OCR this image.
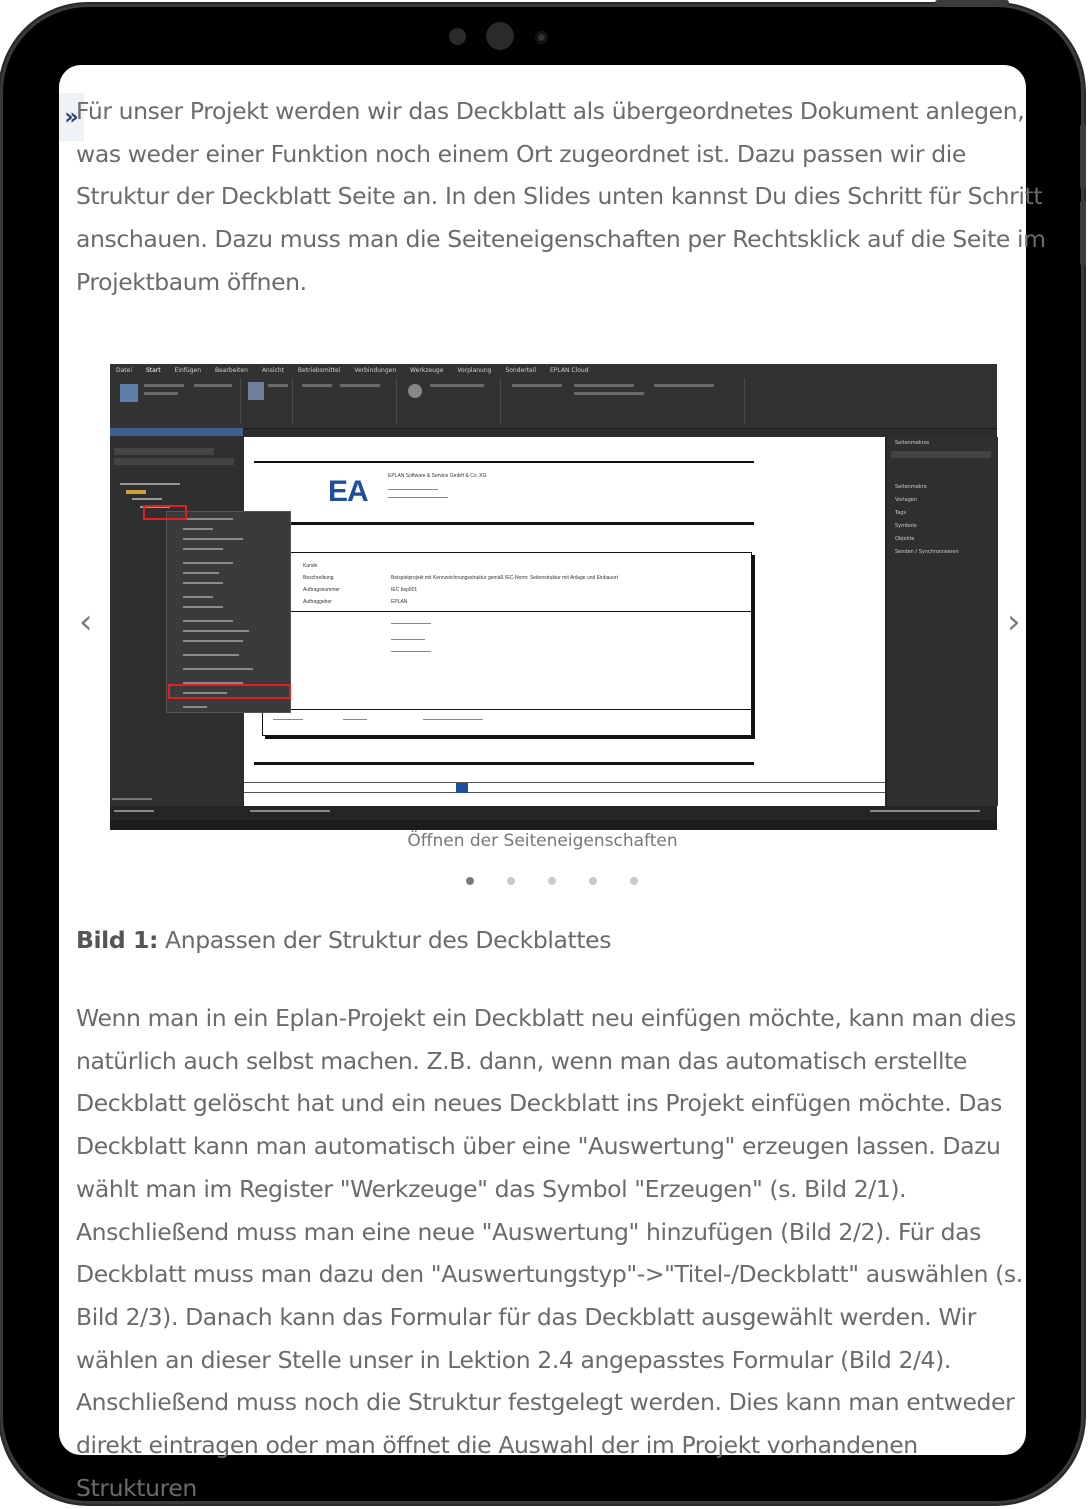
»
Für unser Projekt werden wir das Deckblatt als übergeordnetes Dokument anlegen, was weder einer Funktion noch einem Ort zugeordnet ist. Dazu passen wir die Struktur der Deckblatt Seite an. In den Slides unten kannst Du dies Schritt für Schritt anschauen. Dazu muss man die Seiteneigenschaften per Rechtsklick auf die Seite im Projektbaum öffnen.
‹	›
Datei Start Einfügen Bearbeiten Ansicht Betriebsmittel Verbindungen Werkzeuge Vorplanung Sonderteil EPLAN Cloud
EA	EPLAN Software & Service GmbH & Co. KG
Kunde
Beschreibung
Auftragsnummer
Auftraggeber
Beispielprojekt mit Kennzeichnungsstruktur gemäß IEC-Norm: Seitenstruktur mit Anlage und Einbauort
IEC bsp001
EPLAN
Seitenmakros
Seitenmakro
Vorlagen
Tags
Symbole
Objekte
Senden / Synchronisieren
Öffnen der Seiteneigenschaften
Bild 1: Anpassen der Struktur des Deckblattes
Wenn man in ein Eplan-Projekt ein Deckblatt neu einfügen möchte, kann man dies natürlich auch selbst machen. Z.B. dann, wenn man das automatisch erstellte Deckblatt gelöscht hat und ein neues Deckblatt ins Projekt einfügen möchte. Das Deckblatt kann man automatisch über eine "Auswertung" erzeugen lassen. Dazu wählt man im Register "Werkzeuge" das Symbol "Erzeugen" (s. Bild 2/1). Anschließend muss man eine neue "Auswertung" hinzufügen (Bild 2/2). Für das Deckblatt muss man dazu den "Auswertungstyp"->"Titel-/Deckblatt" auswählen (s. Bild 2/3). Danach kann das Formular für das Deckblatt ausgewählt werden. Wir wählen an dieser Stelle unser in Lektion 2.4 angepasstes Formular (Bild 2/4). Anschließend muss noch die Struktur festgelegt werden. Dies kann man entweder direkt eintragen oder man öffnet die Auswahl der im Projekt vorhandenen Strukturen
